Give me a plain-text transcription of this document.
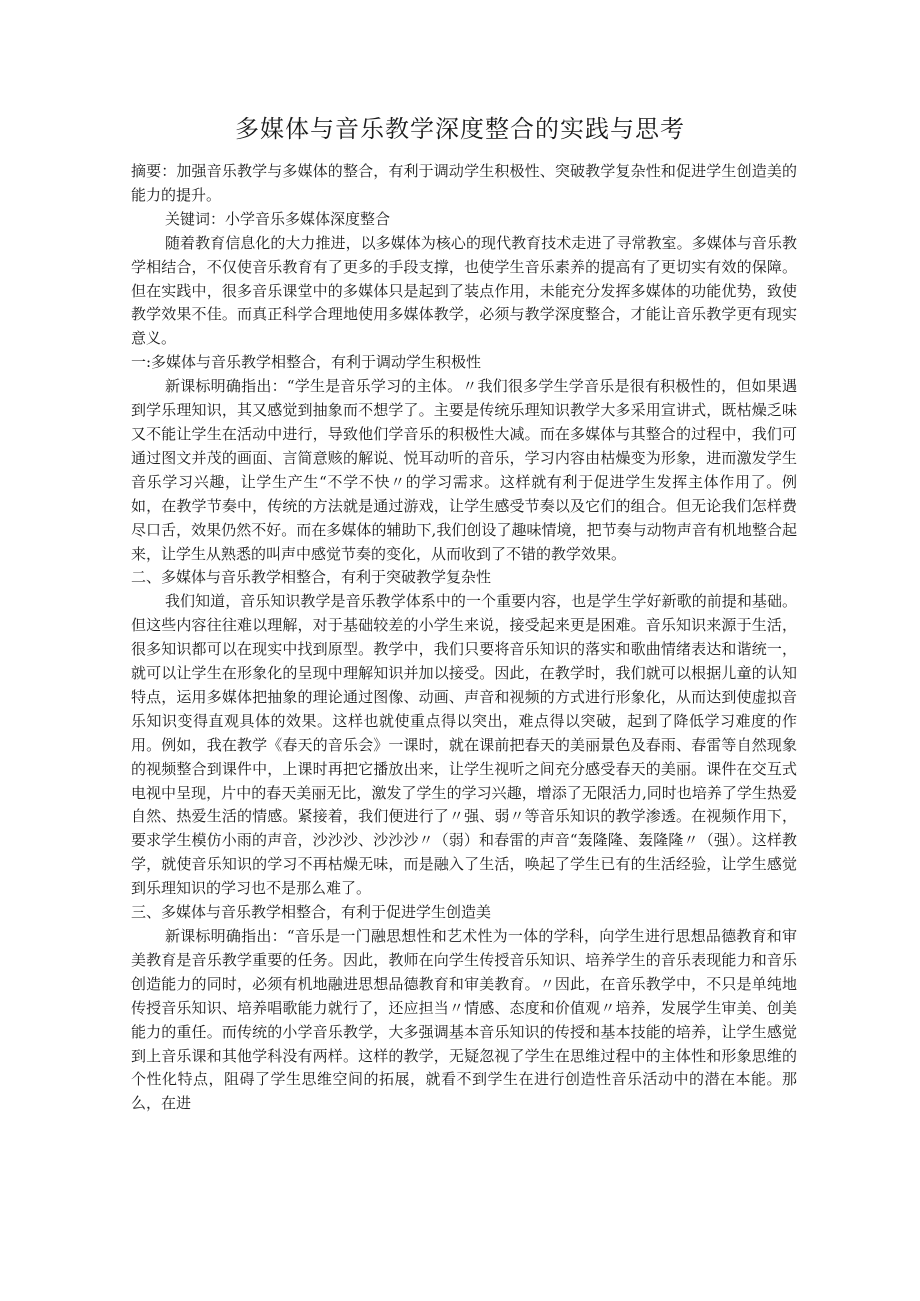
多媒体与音乐教学深度整合的实践与思考

摘要：加强音乐教学与多媒体的整合，有利于调动学生积极性、突破教学复杂性和促进学生创造美的能力的提升。

关键词：小学音乐多媒体深度整合

随着教育信息化的大力推进，以多媒体为核心的现代教育技术走进了寻常教室。多媒体与音乐教学相结合，不仅使音乐教育有了更多的手段支撑，也使学生音乐素养的提高有了更切实有效的保障。但在实践中，很多音乐课堂中的多媒体只是起到了装点作用，未能充分发挥多媒体的功能优势，致使教学效果不佳。而真正科学合理地使用多媒体教学，必须与教学深度整合，才能让音乐教学更有现实意义。

一:多媒体与音乐教学相整合，有利于调动学生积极性

新课标明确指出：“学生是音乐学习的主体。〃我们很多学生学音乐是很有积极性的，但如果遇到学乐理知识，其又感觉到抽象而不想学了。主要是传统乐理知识教学大多采用宣讲式，既枯燥乏味又不能让学生在活动中进行，导致他们学音乐的积极性大减。而在多媒体与其整合的过程中，我们可通过图文并茂的画面、言简意赅的解说、悦耳动听的音乐，学习内容由枯燥变为形象，进而激发学生音乐学习兴趣，让学生产生“不学不快〃的学习需求。这样就有利于促进学生发挥主体作用了。例如，在教学节奏中，传统的方法就是通过游戏，让学生感受节奏以及它们的组合。但无论我们怎样费尽口舌，效果仍然不好。而在多媒体的辅助下,我们创设了趣味情境，把节奏与动物声音有机地整合起来，让学生从熟悉的叫声中感觉节奏的变化，从而收到了不错的教学效果。

二、多媒体与音乐教学相整合，有利于突破教学复杂性

我们知道，音乐知识教学是音乐教学体系中的一个重要内容，也是学生学好新歌的前提和基础。但这些内容往往难以理解，对于基础较差的小学生来说，接受起来更是困难。音乐知识来源于生活，很多知识都可以在现实中找到原型。教学中，我们只要将音乐知识的落实和歌曲情绪表达和谐统一，就可以让学生在形象化的呈现中理解知识并加以接受。因此，在教学时，我们就可以根据儿童的认知特点，运用多媒体把抽象的理论通过图像、动画、声音和视频的方式进行形象化，从而达到使虚拟音乐知识变得直观具体的效果。这样也就使重点得以突出，难点得以突破，起到了降低学习难度的作用。例如，我在教学《春天的音乐会》一课时，就在课前把春天的美丽景色及春雨、春雷等自然现象的视频整合到课件中，上课时再把它播放出来，让学生视听之间充分感受春天的美丽。课件在交互式电视中呈现，片中的春天美丽无比，激发了学生的学习兴趣，增添了无限活力,同时也培养了学生热爱自然、热爱生活的情感。紧接着，我们便进行了〃强、弱〃等音乐知识的教学渗透。在视频作用下，要求学生模仿小雨的声音，沙沙沙、沙沙沙〃（弱）和春雷的声音“轰隆隆、轰隆隆〃（强）。这样教学，就使音乐知识的学习不再枯燥无味，而是融入了生活，唤起了学生已有的生活经验，让学生感觉到乐理知识的学习也不是那么难了。

三、多媒体与音乐教学相整合，有利于促进学生创造美

新课标明确指出：“音乐是一门融思想性和艺术性为一体的学科，向学生进行思想品德教育和审美教育是音乐教学重要的任务。因此，教师在向学生传授音乐知识、培养学生的音乐表现能力和音乐创造能力的同时，必须有机地融进思想品德教育和审美教育。〃因此，在音乐教学中，不只是单纯地传授音乐知识、培养唱歌能力就行了，还应担当〃情感、态度和价值观〃培养，发展学生审美、创美能力的重任。而传统的小学音乐教学，大多强调基本音乐知识的传授和基本技能的培养，让学生感觉到上音乐课和其他学科没有两样。这样的教学，无疑忽视了学生在思维过程中的主体性和形象思维的个性化特点，阻碍了学生思维空间的拓展，就看不到学生在进行创造性音乐活动中的潜在本能。那么，在进
